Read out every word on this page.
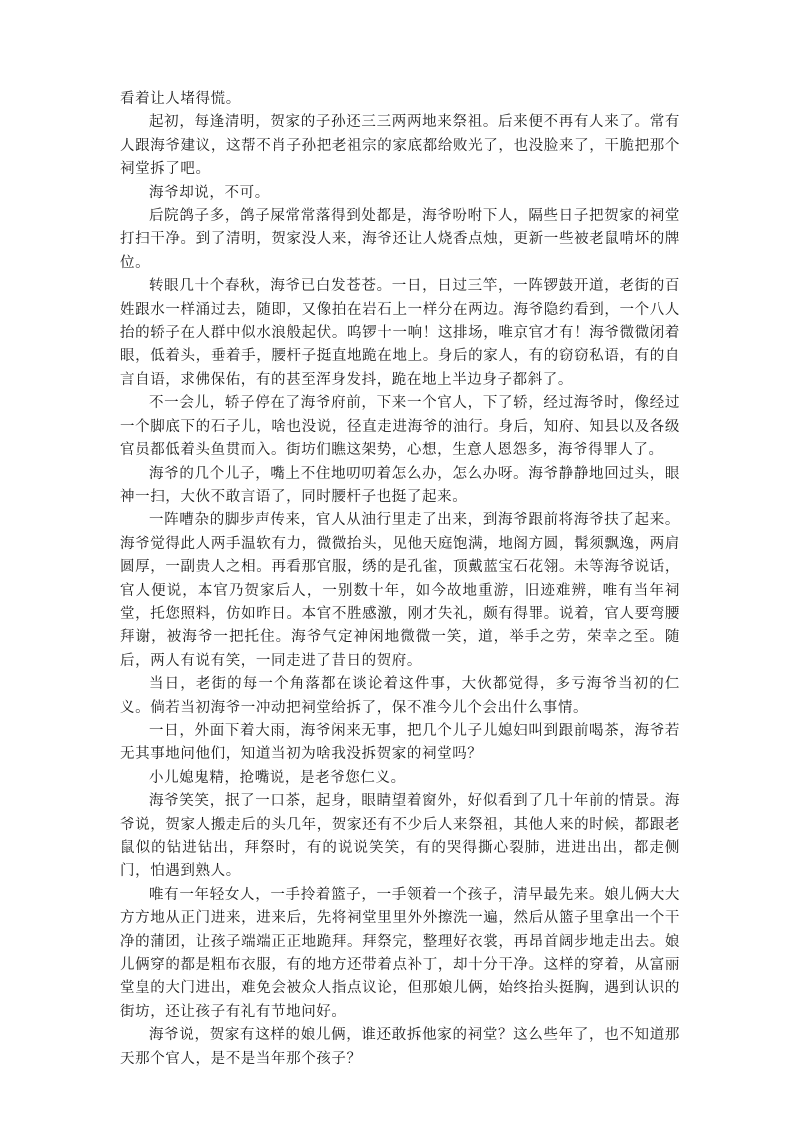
看着让人堵得慌。

起初，每逢清明，贺家的子孙还三三两两地来祭祖。后来便不再有人来了。常有人跟海爷建议，这帮不肖子孙把老祖宗的家底都给败光了，也没脸来了，干脆把那个祠堂拆了吧。

海爷却说，不可。

后院鸽子多，鸽子屎常常落得到处都是，海爷吩咐下人，隔些日子把贺家的祠堂打扫干净。到了清明，贺家没人来，海爷还让人烧香点烛，更新一些被老鼠啃坏的牌位。

转眼几十个春秋，海爷已白发苍苍。一日，日过三竿，一阵锣鼓开道，老街的百姓跟水一样涌过去，随即，又像拍在岩石上一样分在两边。海爷隐约看到，一个八人抬的轿子在人群中似水浪般起伏。呜锣十一响！这排场，唯京官才有！海爷微微闭着眼，低着头，垂着手，腰杆子挺直地跪在地上。身后的家人，有的窃窃私语，有的自言自语，求佛保佑，有的甚至浑身发抖，跪在地上半边身子都斜了。

不一会儿，轿子停在了海爷府前，下来一个官人，下了轿，经过海爷时，像经过一个脚底下的石子儿，啥也没说，径直走进海爷的油行。身后，知府、知县以及各级官员都低着头鱼贯而入。街坊们瞧这架势，心想，生意人恩怨多，海爷得罪人了。

海爷的几个儿子，嘴上不住地叨叨着怎么办，怎么办呀。海爷静静地回过头，眼神一扫，大伙不敢言语了，同时腰杆子也挺了起来。

一阵嘈杂的脚步声传来，官人从油行里走了出来，到海爷跟前将海爷扶了起来。海爷觉得此人两手温软有力，微微抬头，见他天庭饱满，地阁方圆，髯须飘逸，两肩圆厚，一副贵人之相。再看那官服，绣的是孔雀，顶戴蓝宝石花翎。未等海爷说话，官人便说，本官乃贺家后人，一别数十年，如今故地重游，旧迹难辨，唯有当年祠堂，托您照料，仿如昨日。本官不胜感激，刚才失礼，颇有得罪。说着，官人要弯腰拜谢，被海爷一把托住。海爷气定神闲地微微一笑，道，举手之劳，荣幸之至。随后，两人有说有笑，一同走进了昔日的贺府。

当日，老街的每一个角落都在谈论着这件事，大伙都觉得，多亏海爷当初的仁义。倘若当初海爷一冲动把祠堂给拆了，保不准今儿个会出什么事情。

一日，外面下着大雨，海爷闲来无事，把几个儿子儿媳妇叫到跟前喝茶，海爷若无其事地问他们，知道当初为啥我没拆贺家的祠堂吗？

小儿媳鬼精，抢嘴说，是老爷您仁义。

海爷笑笑，抿了一口茶，起身，眼睛望着窗外，好似看到了几十年前的情景。海爷说，贺家人搬走后的头几年，贺家还有不少后人来祭祖，其他人来的时候，都跟老鼠似的钻进钻出，拜祭时，有的说说笑笑，有的哭得撕心裂肺，进进出出，都走侧门，怕遇到熟人。

唯有一年轻女人，一手拎着篮子，一手领着一个孩子，清早最先来。娘儿俩大大方方地从正门进来，进来后，先将祠堂里里外外擦洗一遍，然后从篮子里拿出一个干净的蒲团，让孩子端端正正地跪拜。拜祭完，整理好衣裳，再昂首阔步地走出去。娘儿俩穿的都是粗布衣服，有的地方还带着点补丁，却十分干净。这样的穿着，从富丽堂皇的大门进出，难免会被众人指点议论，但那娘儿俩，始终抬头挺胸，遇到认识的街坊，还让孩子有礼有节地问好。

海爷说，贺家有这样的娘儿俩，谁还敢拆他家的祠堂？这么些年了，也不知道那天那个官人，是不是当年那个孩子？
